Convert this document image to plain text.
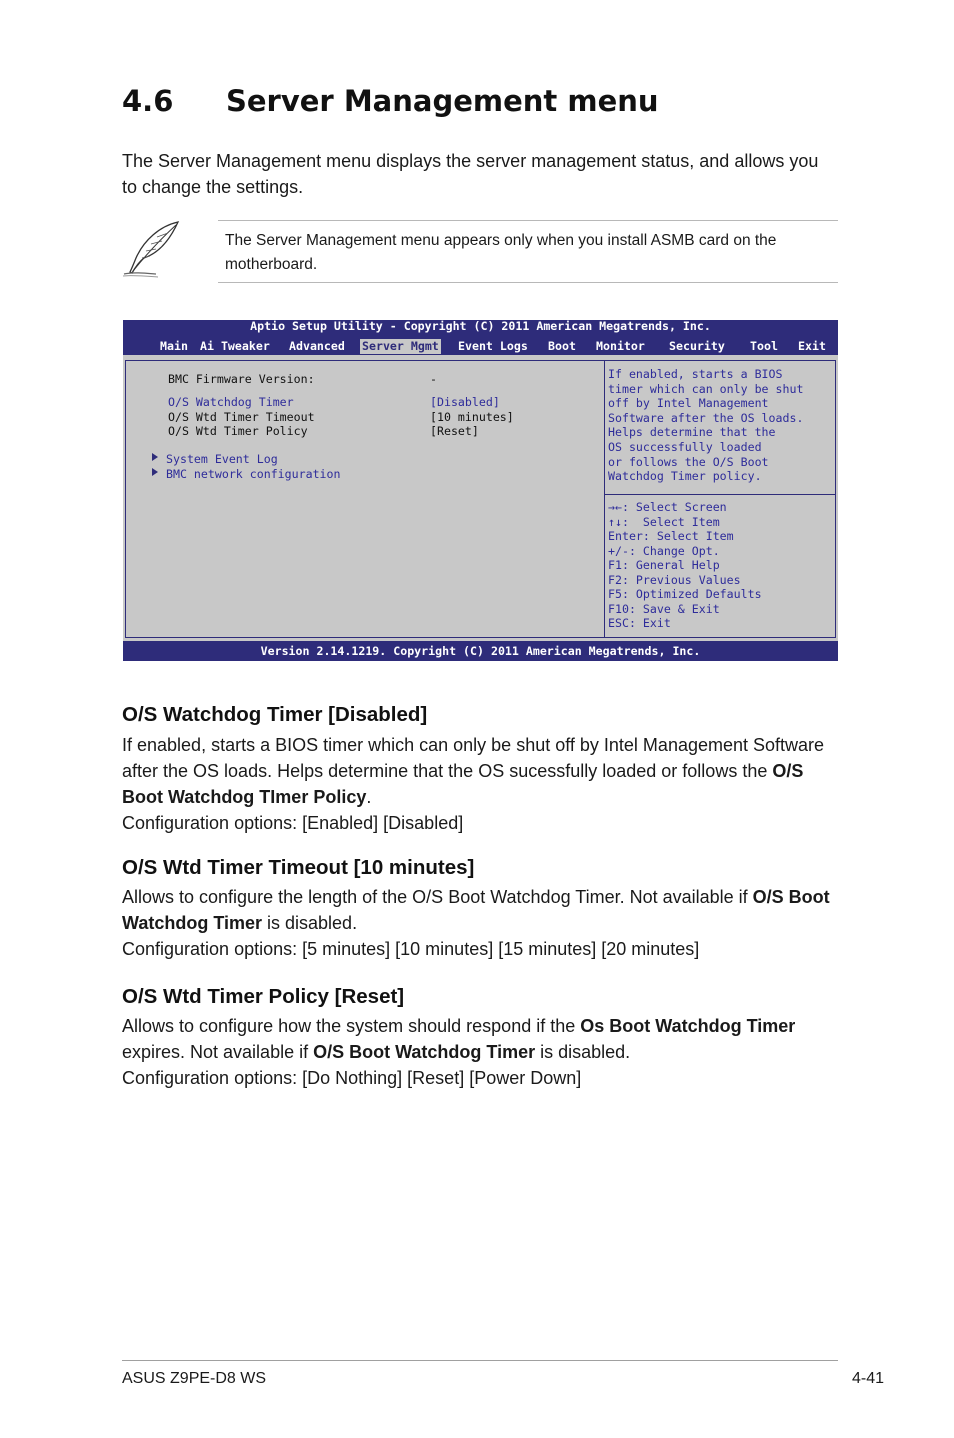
4.6 Server Management menu
The Server Management menu displays the server management status, and allows you to change the settings.
The Server Management menu appears only when you install ASMB card on the motherboard.
Aptio Setup Utility - Copyright (C) 2011 American Megatrends, Inc.

Main

Ai Tweaker

Advanced

Server Mgmt

Event Logs

Boot

Monitor

Security

Tool

Exit

BMC Firmware Version:	-
O/S Watchdog Timer	[Disabled]
O/S Wtd Timer Timeout	[10 minutes]
O/S Wtd Timer Policy	[Reset]
System Event Log
BMC network configuration
If enabled, starts a BIOS
timer which can only be shut
off by Intel Management
Software after the OS loads.
Helps determine that the
OS successfully loaded
or follows the O/S Boot
Watchdog Timer policy.
→←: Select Screen
↑↓:  Select Item
Enter: Select Item
+/-: Change Opt.
F1: General Help
F2: Previous Values
F5: Optimized Defaults
F10: Save & Exit
ESC: Exit
Version 2.14.1219. Copyright (C) 2011 American Megatrends, Inc.
O/S Watchdog Timer [Disabled]
If enabled, starts a BIOS timer which can only be shut off by Intel Management Software after the OS loads. Helps determine that the OS sucessfully loaded or follows the O/S Boot Watchdog TImer Policy.
Configuration options: [Enabled] [Disabled]
O/S Wtd Timer Timeout [10 minutes]
Allows to configure the length of the O/S Boot Watchdog Timer. Not available if O/S Boot Watchdog Timer is disabled.
Configuration options: [5 minutes] [10 minutes] [15 minutes] [20 minutes]
O/S Wtd Timer Policy [Reset]
Allows to configure how the system should respond if the Os Boot Watchdog Timer expires. Not available if O/S Boot Watchdog Timer is disabled.
Configuration options: [Do Nothing] [Reset] [Power Down]
ASUS Z9PE-D8 WS	4-41
